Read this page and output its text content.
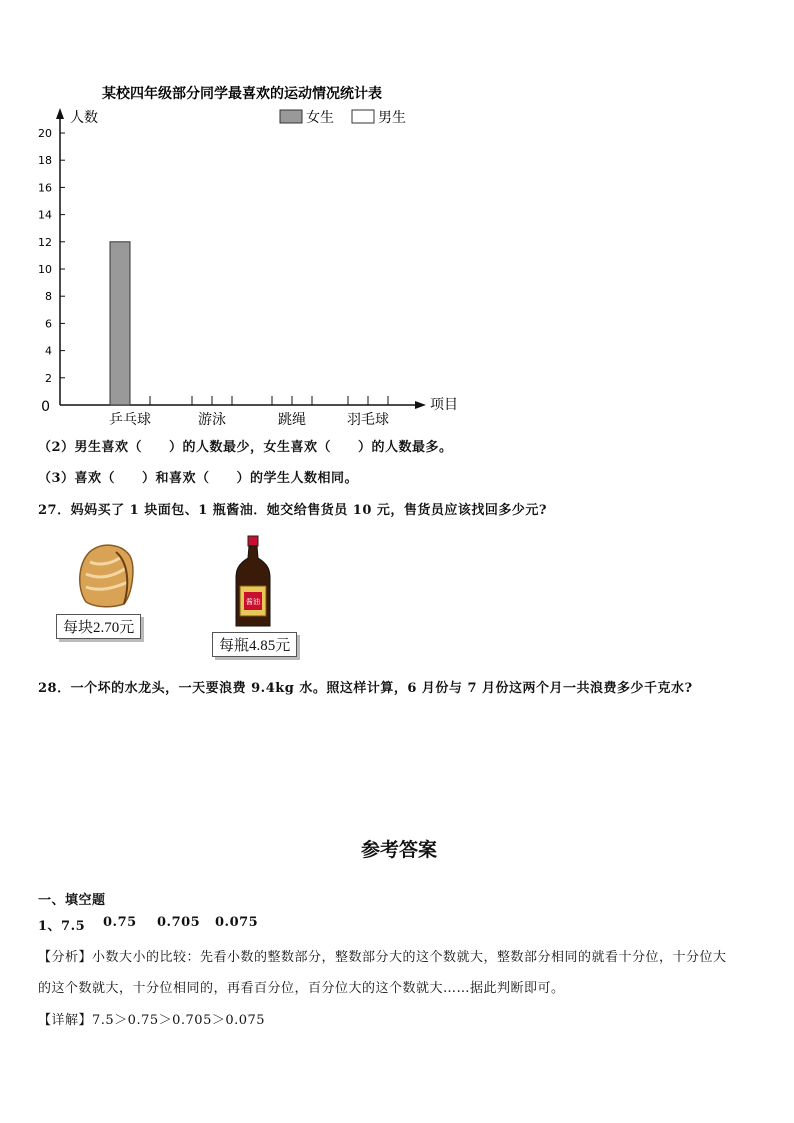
某校四年级部分同学最喜欢的运动情况统计表
人数
项目
女生	男生
0
2
4
6
8
10
12
14
16
18
20
乒乓球	游泳	跳绳	羽毛球
（2）男生喜欢（　　）的人数最少，女生喜欢（　　）的人数最多。
（3）喜欢（　　）和喜欢（　　）的学生人数相同。
27．妈妈买了 1 块面包、1 瓶酱油．她交给售货员 10 元，售货员应该找回多少元?
每块2.70元
酱油
每瓶4.85元
28．一个坏的水龙头，一天要浪费 9.4kg 水。照这样计算，6 月份与 7 月份这两个月一共浪费多少千克水?
参考答案
一、填空题
1、7.5 0.75 0.705 0.075
【分析】小数大小的比较：先看小数的整数部分，整数部分大的这个数就大，整数部分相同的就看十分位，十分位大
的这个数就大，十分位相同的，再看百分位，百分位大的这个数就大……据此判断即可。
【详解】7.5＞0.75＞0.705＞0.075
